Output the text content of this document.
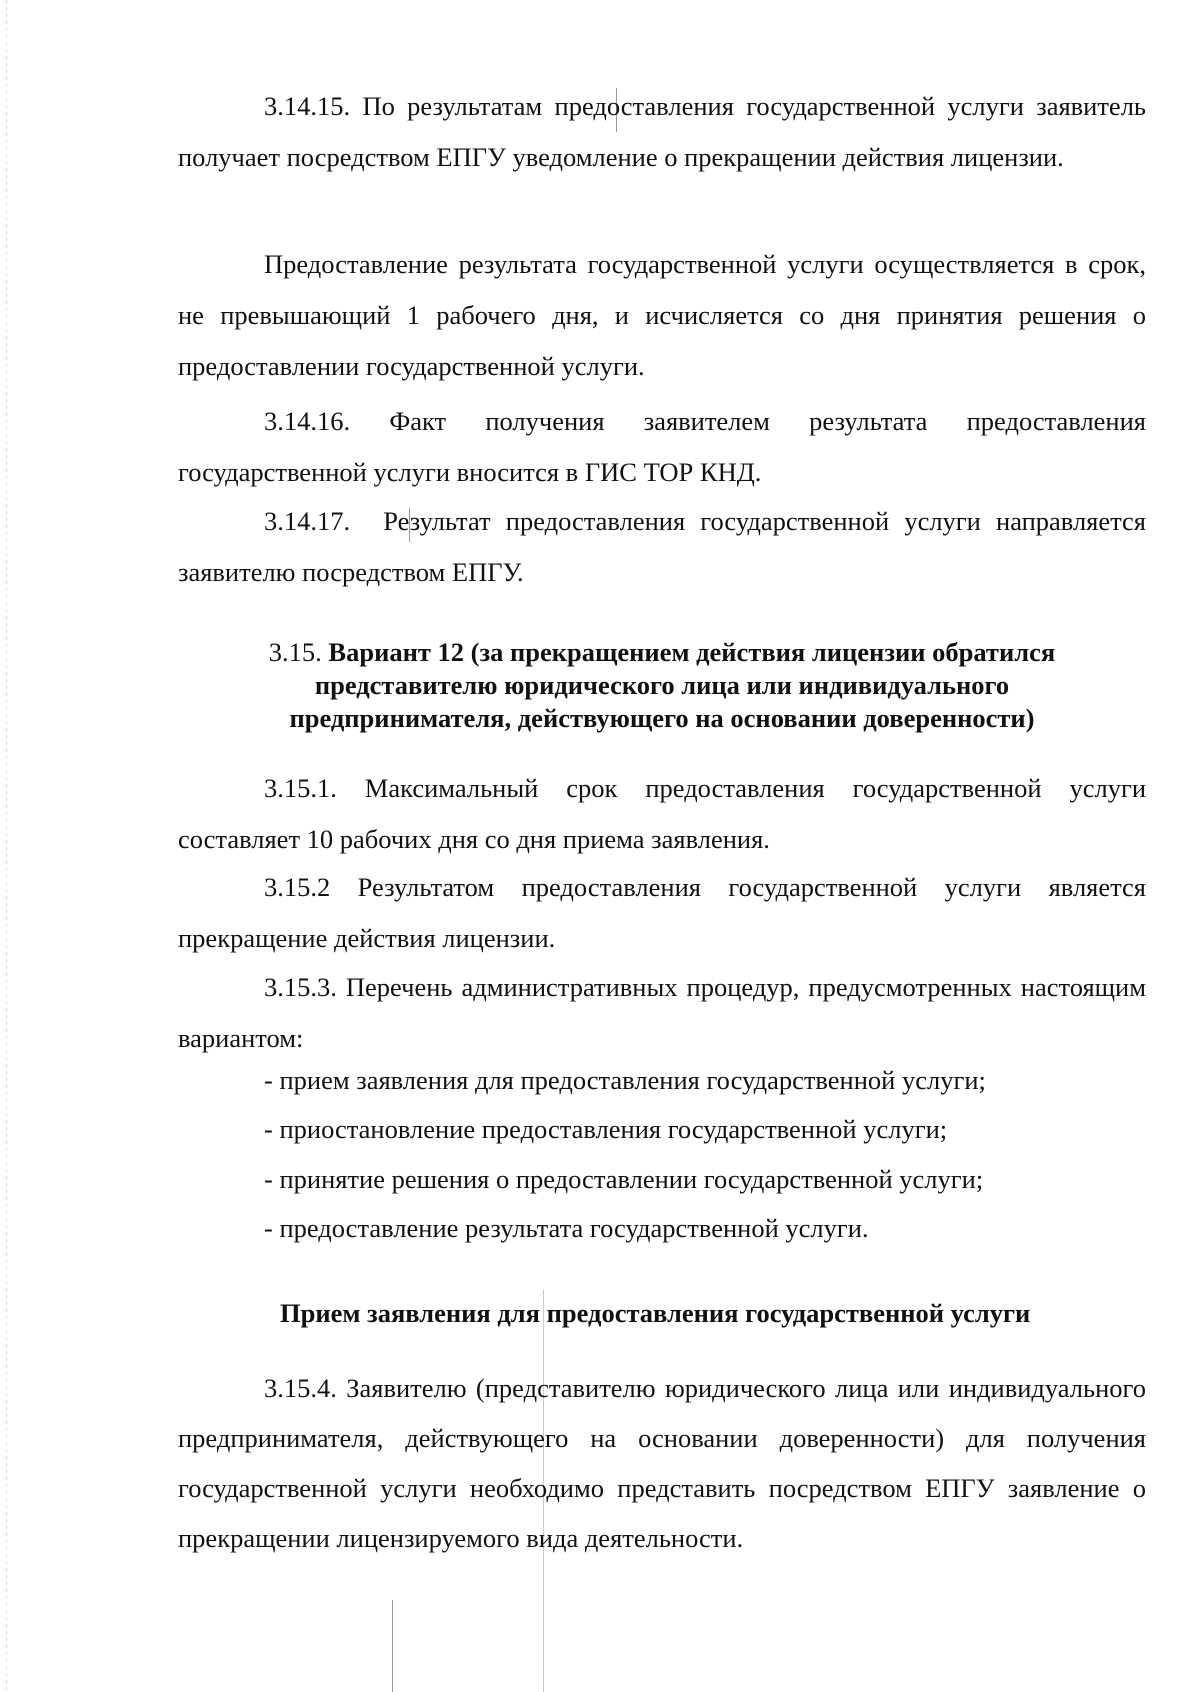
3.14.15. По результатам предоставления государственной услуги заявитель получает посредством ЕПГУ уведомление о прекращении действия лицензии.

Предоставление результата государственной услуги осуществляется в срок, не превышающий 1 рабочего дня, и исчисляется со дня принятия решения о предоставлении государственной услуги.

3.14.16. Факт получения заявителем результата предоставления государственной услуги вносится в ГИС ТОР КНД.

3.14.17. Результат предоставления государственной услуги направляется заявителю посредством ЕПГУ.

3.15. Вариант 12 (за прекращением действия лицензии обратился
представителю юридического лица или индивидуального
предпринимателя, действующего на основании доверенности)

3.15.1. Максимальный срок предоставления государственной услуги составляет 10 рабочих дня со дня приема заявления.

3.15.2 Результатом предоставления государственной услуги является прекращение действия лицензии.

3.15.3. Перечень административных процедур, предусмотренных настоящим вариантом:

- прием заявления для предоставления государственной услуги;

- приостановление предоставления государственной услуги;

- принятие решения о предоставлении государственной услуги;

- предоставление результата государственной услуги.

Прием заявления для предоставления государственной услуги

3.15.4. Заявителю (представителю юридического лица или индивидуального предпринимателя, действующего на основании доверенности) для получения государственной услуги необходимо представить посредством ЕПГУ заявление о прекращении лицензируемого вида деятельности.
